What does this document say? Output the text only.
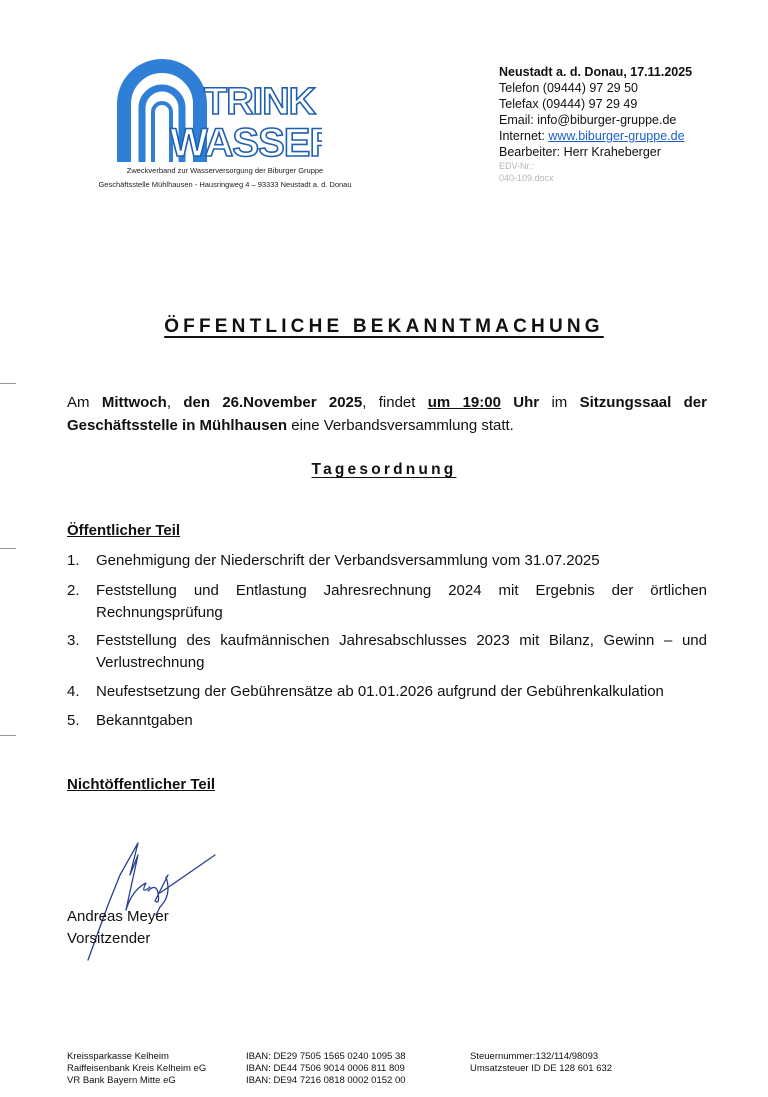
TRINK
WASSER
Zweckverband zur Wasserversorgung der Biburger Gruppe
Geschäftsstelle Mühlhausen - Hausringweg 4 – 93333 Neustadt a. d. Donau
Neustadt a. d. Donau, 17.11.2025
Telefon (09444) 97 29 50
Telefax (09444) 97 29 49
Email: info@biburger-gruppe.de
Internet: www.biburger-gruppe.de
Bearbeiter: Herr Kraheberger
EDV-Nr.:
040-109.docx
ÖFFENTLICHE BEKANNTMACHUNG
Am Mittwoch, den 26.November 2025, findet um 19:00 Uhr im Sitzungssaal der Geschäftsstelle in Mühlhausen eine Verbandsversammlung statt.
Tagesordnung
Öffentlicher Teil
1. Genehmigung der Niederschrift der Verbandsversammlung vom 31.07.2025
2. Feststellung und Entlastung Jahresrechnung 2024 mit Ergebnis der örtlichen Rechnungsprüfung
3. Feststellung des kaufmännischen Jahresabschlusses 2023 mit Bilanz, Gewinn – und Verlustrechnung
4. Neufestsetzung der Gebührensätze ab 01.01.2026 aufgrund der Gebührenkalkulation
5. Bekanntgaben
Nichtöffentlicher Teil
Andreas Meyer
Vorsitzender
Kreissparkasse Kelheim
Raiffeisenbank Kreis Kelheim eG
VR Bank Bayern Mitte eG
IBAN: DE29 7505 1565 0240 1095 38
IBAN: DE44 7506 9014 0006 811 809
IBAN: DE94 7216 0818 0002 0152 00
Steuernummer:132/114/98093
Umsatzsteuer ID DE 128 601 632
